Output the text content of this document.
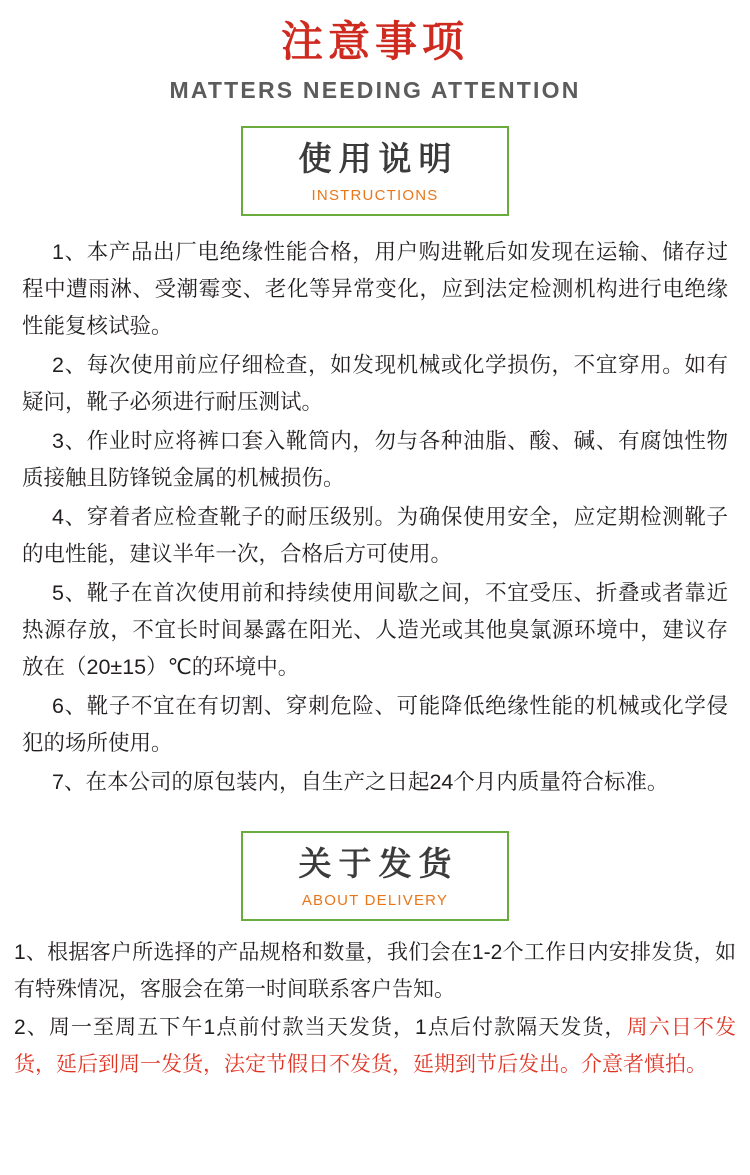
注意事项
MATTERS NEEDING ATTENTION
使用说明
INSTRUCTIONS

1、本产品出厂电绝缘性能合格，用户购进靴后如发现在运输、储存过程中遭雨淋、受潮霉变、老化等异常变化，应到法定检测机构进行电绝缘性能复核试验。

2、每次使用前应仔细检查，如发现机械或化学损伤，不宜穿用。如有疑问，靴子必须进行耐压测试。

3、作业时应将裤口套入靴筒内，勿与各种油脂、酸、碱、有腐蚀性物质接触且防锋锐金属的机械损伤。

4、穿着者应检查靴子的耐压级别。为确保使用安全，应定期检测靴子的电性能，建议半年一次，合格后方可使用。

5、靴子在首次使用前和持续使用间歇之间，不宜受压、折叠或者靠近热源存放，不宜长时间暴露在阳光、人造光或其他臭氯源环境中，建议存放在（20±15）℃的环境中。

6、靴子不宜在有切割、穿刺危险、可能降低绝缘性能的机械或化学侵犯的场所使用。

7、在本公司的原包装内，自生产之日起24个月内质量符合标准。

关于发货
ABOUT DELIVERY

1、根据客户所选择的产品规格和数量，我们会在1-2个工作日内安排发货，如有特殊情况，客服会在第一时间联系客户告知。

2、周一至周五下午1点前付款当天发货，1点后付款隔天发货，周六日不发货，延后到周一发货，法定节假日不发货，延期到节后发出。介意者慎拍。
